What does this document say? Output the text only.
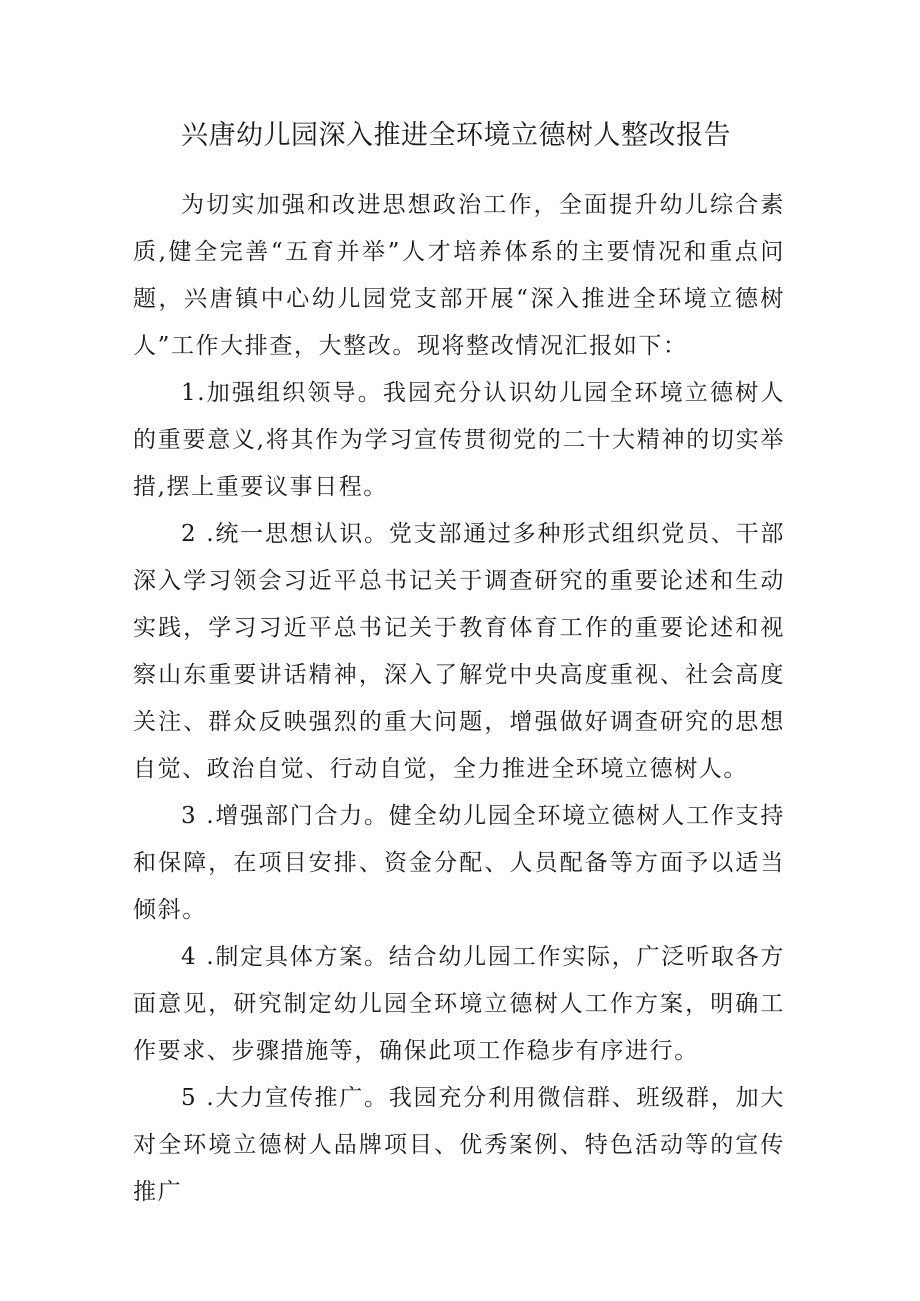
兴唐幼儿园深入推进全环境立德树人整改报告

为切实加强和改进思想政治工作，全面提升幼儿综合素质,健全完善“五育并举”人才培养体系的主要情况和重点问题，兴唐镇中心幼儿园党支部开展“深入推进全环境立德树人”工作大排查，大整改。现将整改情况汇报如下：

1.加强组织领导。我园充分认识幼儿园全环境立德树人的重要意义,将其作为学习宣传贯彻党的二十大精神的切实举措,摆上重要议事日程。

2 .统一思想认识。党支部通过多种形式组织党员、干部深入学习领会习近平总书记关于调查研究的重要论述和生动实践，学习习近平总书记关于教育体育工作的重要论述和视察山东重要讲话精神，深入了解党中央高度重视、社会高度关注、群众反映强烈的重大问题，增强做好调查研究的思想自觉、政治自觉、行动自觉，全力推进全环境立德树人。

3 .增强部门合力。健全幼儿园全环境立德树人工作支持和保障，在项目安排、资金分配、人员配备等方面予以适当倾斜。

4 .制定具体方案。结合幼儿园工作实际，广泛听取各方面意见，研究制定幼儿园全环境立德树人工作方案，明确工作要求、步骤措施等，确保此项工作稳步有序进行。

5 .大力宣传推广。我园充分利用微信群、班级群，加大对全环境立德树人品牌项目、优秀案例、特色活动等的宣传推广
